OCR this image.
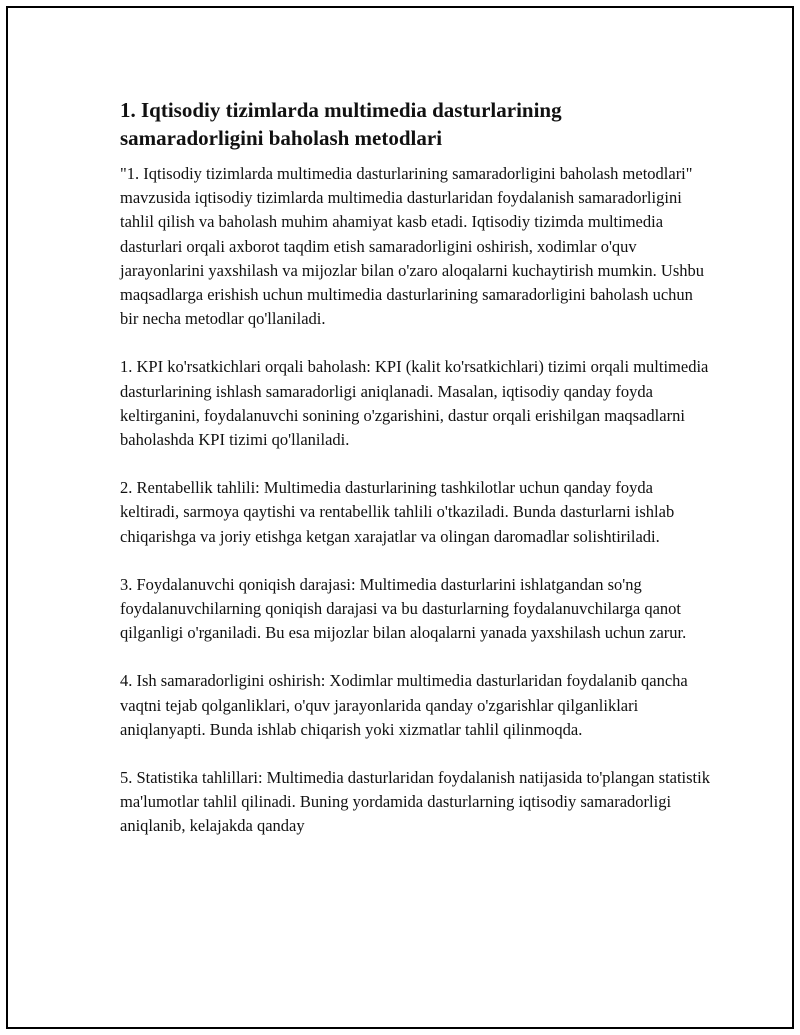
1. Iqtisodiy tizimlarda multimedia dasturlarining samaradorligini baholash metodlari

"1. Iqtisodiy tizimlarda multimedia dasturlarining samaradorligini baholash metodlari" mavzusida iqtisodiy tizimlarda multimedia dasturlaridan foydalanish samaradorligini tahlil qilish va baholash muhim ahamiyat kasb etadi. Iqtisodiy tizimda multimedia dasturlari orqali axborot taqdim etish samaradorligini oshirish, xodimlar o'quv jarayonlarini yaxshilash va mijozlar bilan o'zaro aloqalarni kuchaytirish mumkin. Ushbu maqsadlarga erishish uchun multimedia dasturlarining samaradorligini baholash uchun bir necha metodlar qo'llaniladi.

1. KPI ko'rsatkichlari orqali baholash: KPI (kalit ko'rsatkichlari) tizimi orqali multimedia dasturlarining ishlash samaradorligi aniqlanadi. Masalan, iqtisodiy qanday foyda keltirganini, foydalanuvchi sonining o'zgarishini, dastur orqali erishilgan maqsadlarni baholashda KPI tizimi qo'llaniladi.

2. Rentabellik tahlili: Multimedia dasturlarining tashkilotlar uchun qanday foyda keltiradi, sarmoya qaytishi va rentabellik tahlili o'tkaziladi. Bunda dasturlarni ishlab chiqarishga va joriy etishga ketgan xarajatlar va olingan daromadlar solishtiriladi.

3. Foydalanuvchi qoniqish darajasi: Multimedia dasturlarini ishlatgandan so'ng foydalanuvchilarning qoniqish darajasi va bu dasturlarning foydalanuvchilarga qanot qilganligi o'rganiladi. Bu esa mijozlar bilan aloqalarni yanada yaxshilash uchun zarur.

4. Ish samaradorligini oshirish: Xodimlar multimedia dasturlaridan foydalanib qancha vaqtni tejab qolganliklari, o'quv jarayonlarida qanday o'zgarishlar qilganliklari aniqlanyapti. Bunda ishlab chiqarish yoki xizmatlar tahlil qilinmoqda.

5. Statistika tahlillari: Multimedia dasturlaridan foydalanish natijasida to'plangan statistik ma'lumotlar tahlil qilinadi. Buning yordamida dasturlarning iqtisodiy samaradorligi aniqlanib, kelajakda qanday
